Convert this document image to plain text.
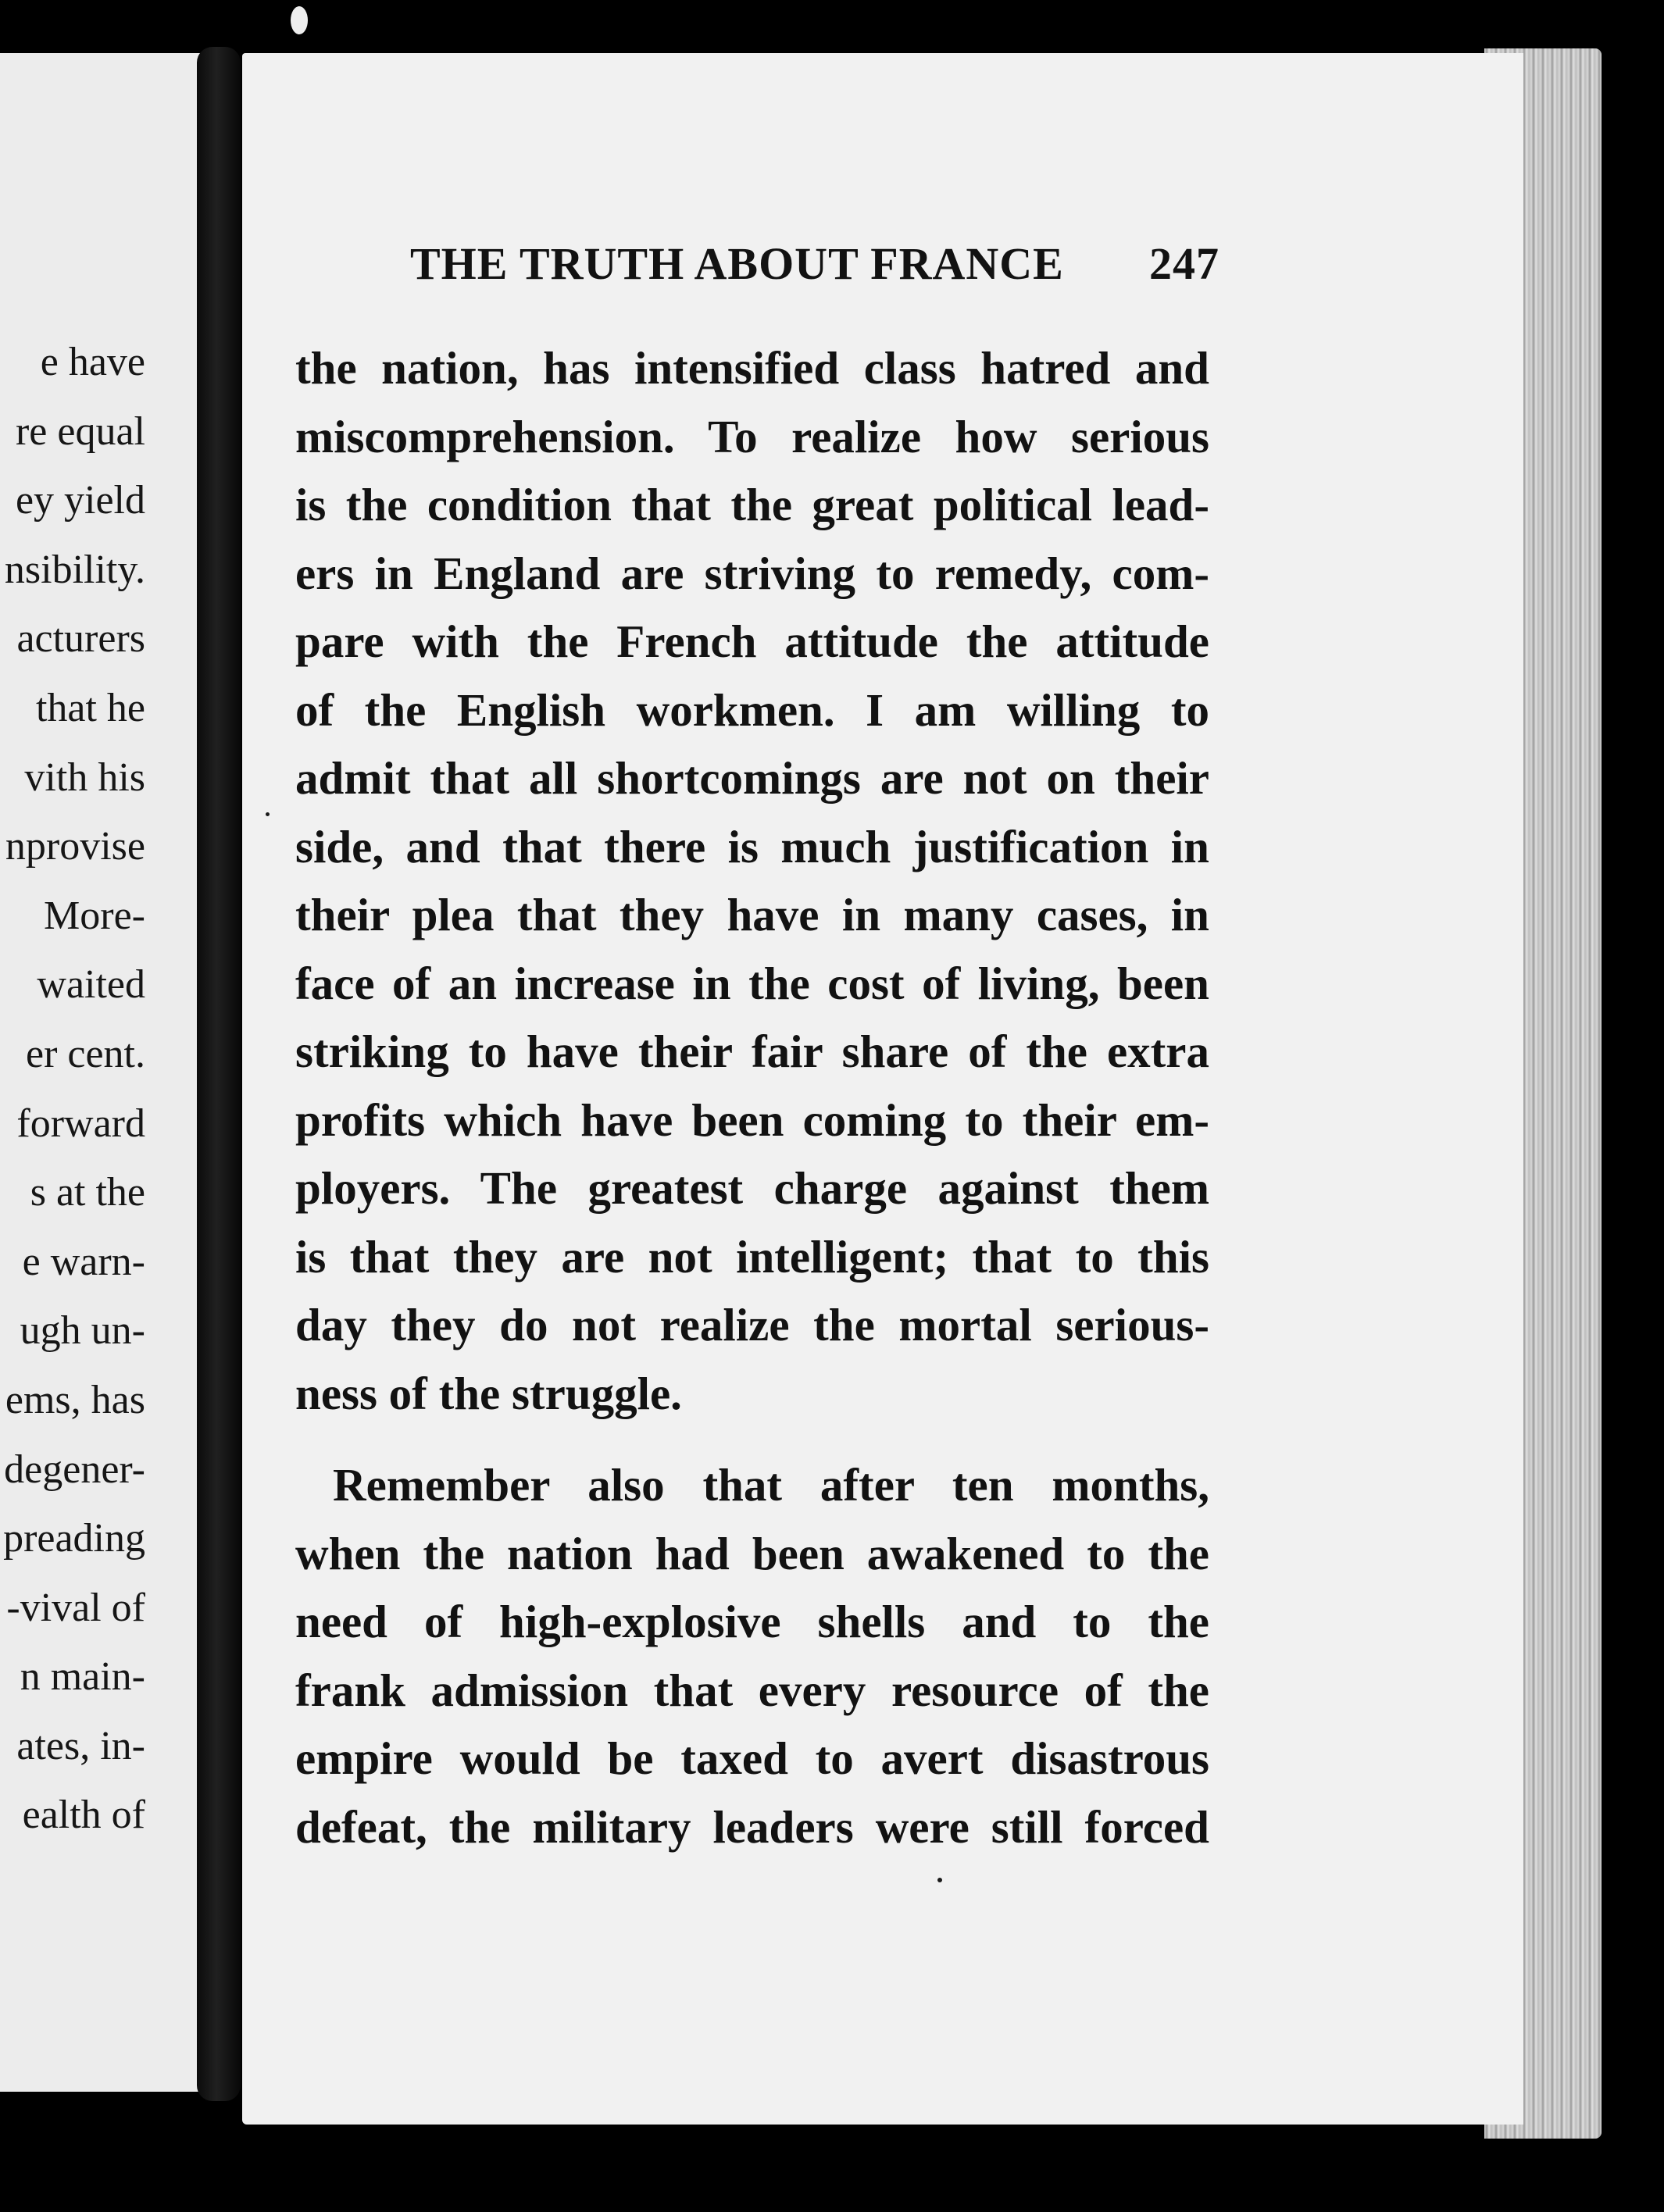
e have
re equal
ey yield
nsibility.
acturers
that he
vith his
nprovise
More-
waited
er cent.
forward
s at the
e warn-
ugh un-
ems, has
degener-
preading
-vival of
n main-
ates, in-
ealth of
THE TRUTH ABOUT FRANCE 247
the nation, has intensified class hatred and
miscomprehension. To realize how serious
is the condition that the great political lead-
ers in England are striving to remedy, com-
pare with the French attitude the attitude
of the English workmen. I am willing to
admit that all shortcomings are not on their
side, and that there is much justification in
their plea that they have in many cases, in
face of an increase in the cost of living, been
striking to have their fair share of the extra
profits which have been coming to their em-
ployers. The greatest charge against them
is that they are not intelligent; that to this
day they do not realize the mortal serious-
ness of the struggle.
Remember also that after ten months,
when the nation had been awakened to the
need of high-explosive shells and to the
frank admission that every resource of the
empire would be taxed to avert disastrous
defeat, the military leaders were still forced
